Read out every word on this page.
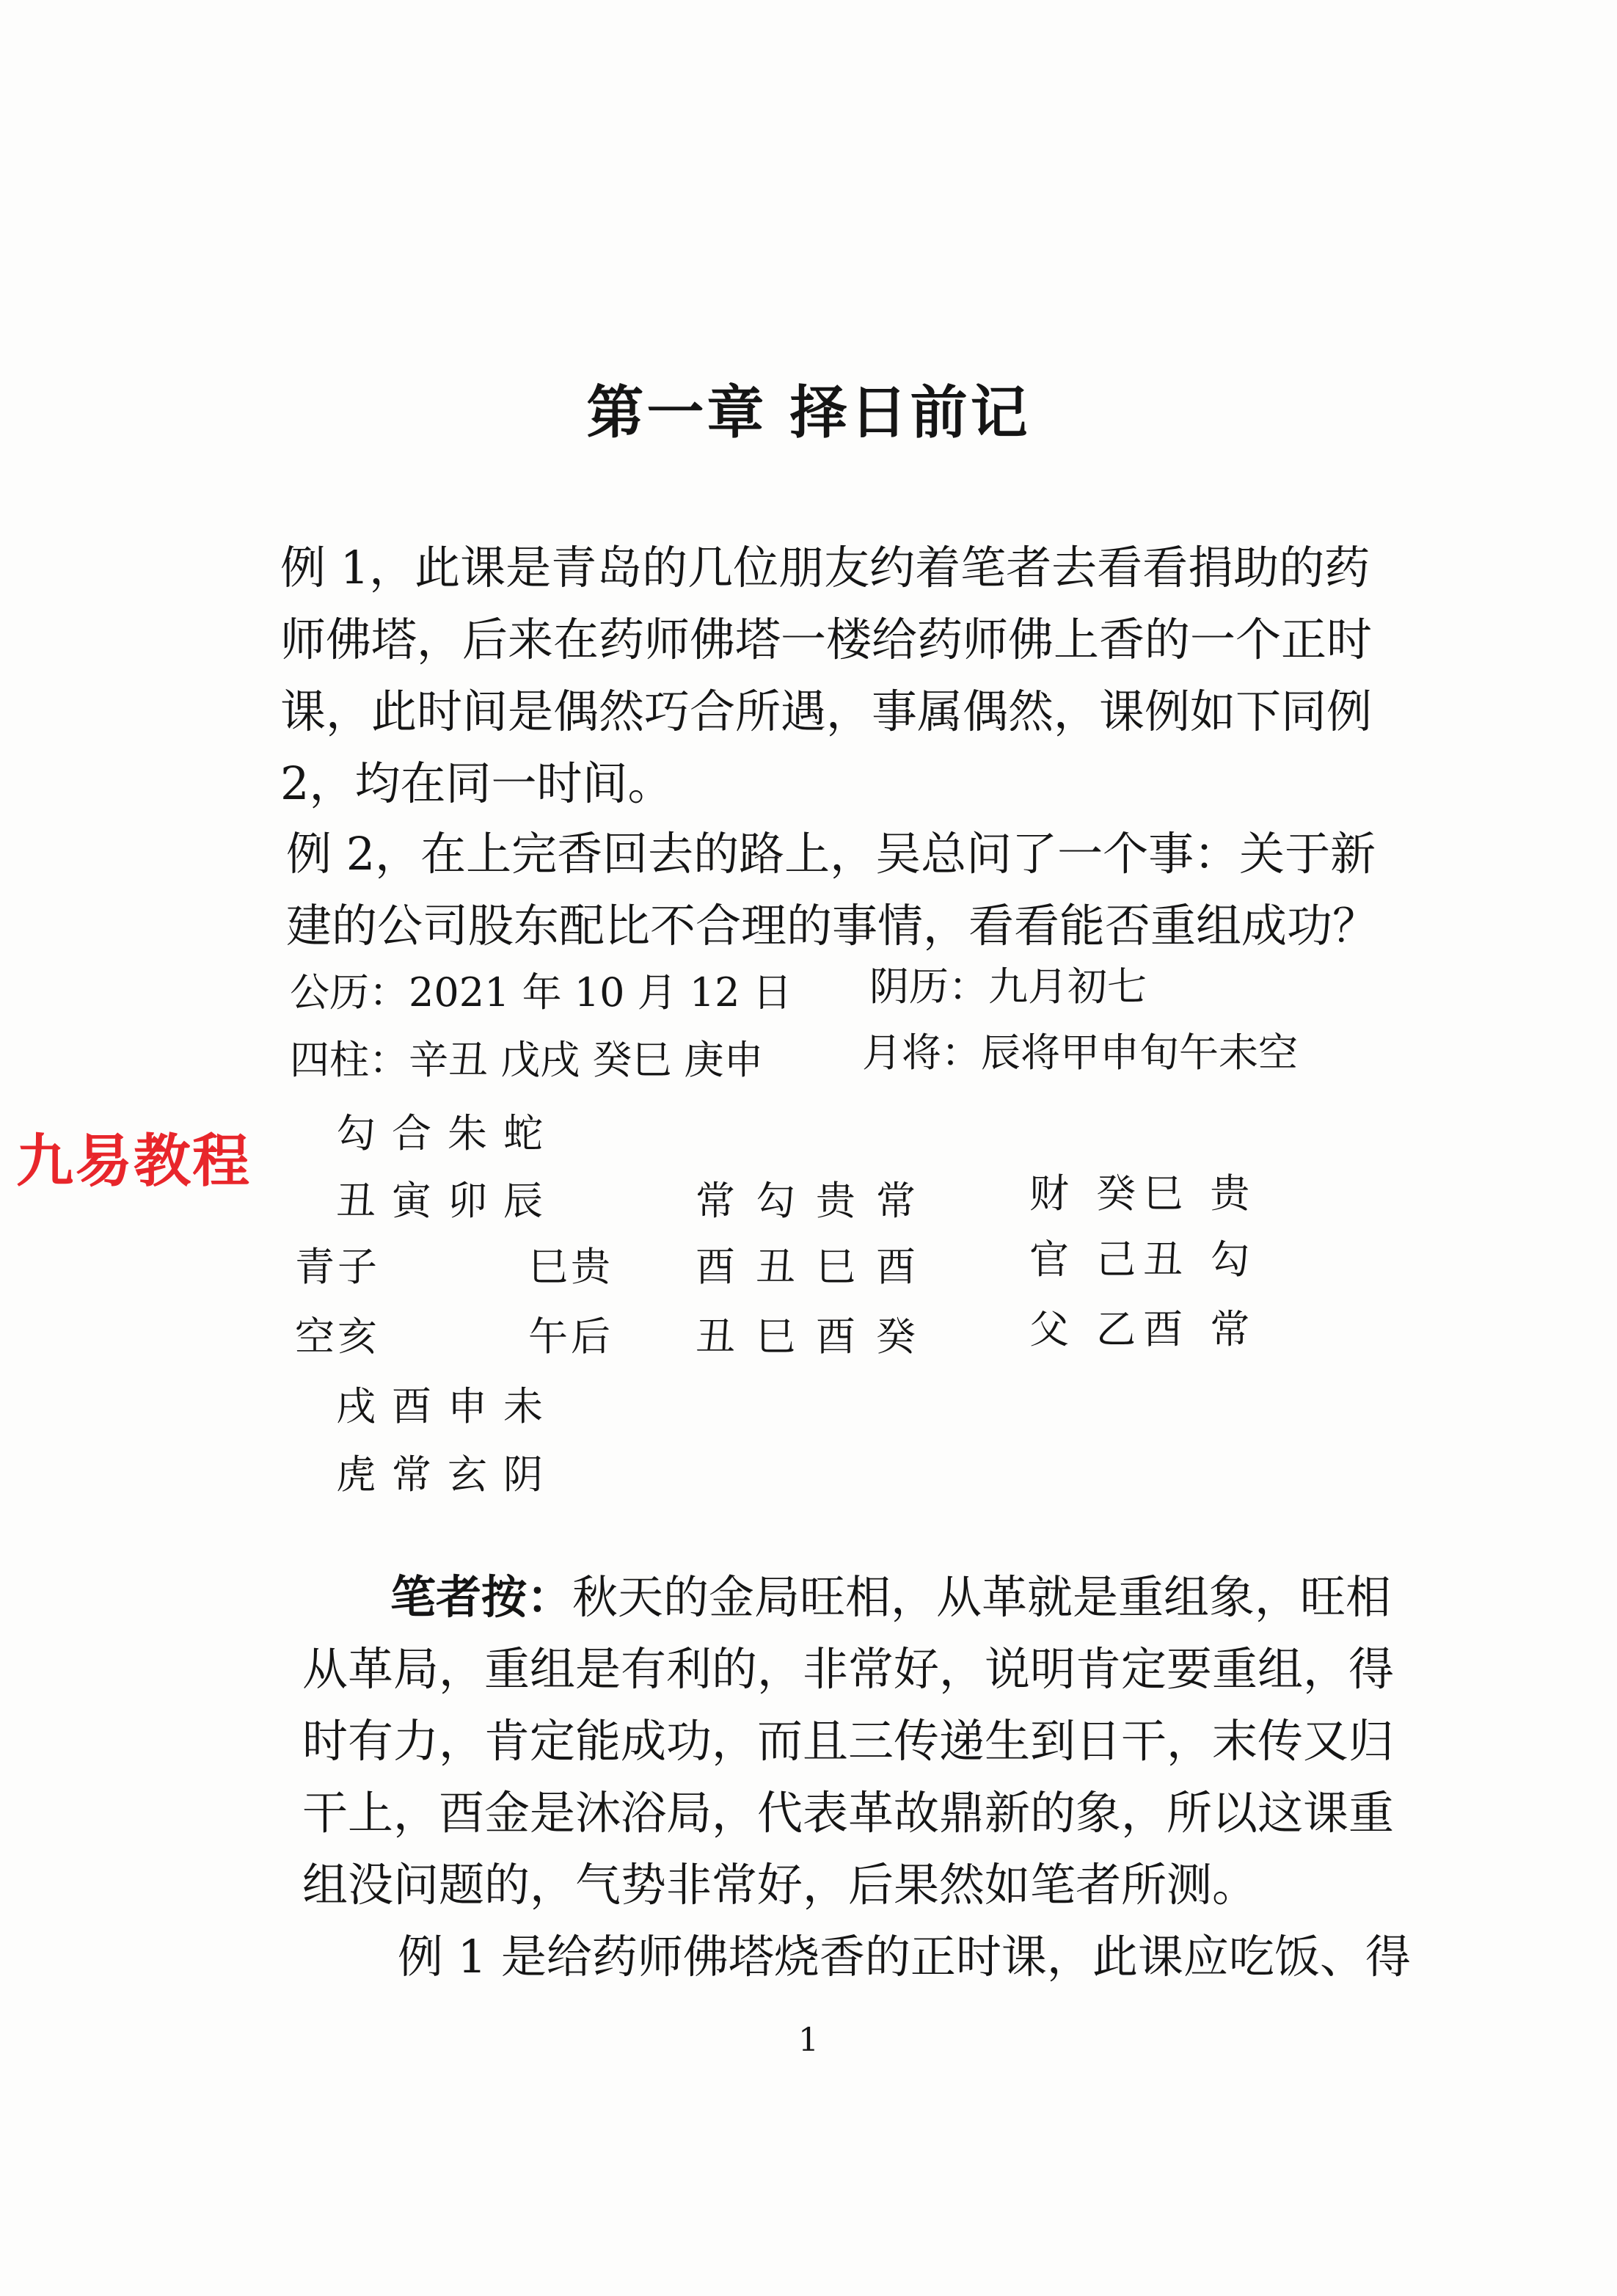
第一章 择日前记
例 1，此课是青岛的几位朋友约着笔者去看看捐助的药
师佛塔，后来在药师佛塔一楼给药师佛上香的一个正时
课，此时间是偶然巧合所遇，事属偶然，课例如下同例
2，均在同一时间。
例 2，在上完香回去的路上，吴总问了一个事：关于新
建的公司股东配比不合理的事情，看看能否重组成功？
公历：2021 年 10 月 12 日 阴历：九月初七
四柱：辛丑 戊戌 癸巳 庚申 月将：辰将甲申旬午未空
九易教程 勾合朱蛇
丑寅卯辰
青子
空亥
巳贵
午后
戌酉申未
虎常玄阴
常勾贵常
酉丑巳酉
丑巳酉癸
财 癸巳 贵
官 己丑 勾
父 乙酉 常
笔者按：秋天的金局旺相，从革就是重组象，旺相
从革局，重组是有利的，非常好，说明肯定要重组，得
时有力，肯定能成功，而且三传递生到日干，末传又归
干上，酉金是沐浴局，代表革故鼎新的象，所以这课重
组没问题的，气势非常好，后果然如笔者所测。
例 1 是给药师佛塔烧香的正时课，此课应吃饭、得
1
